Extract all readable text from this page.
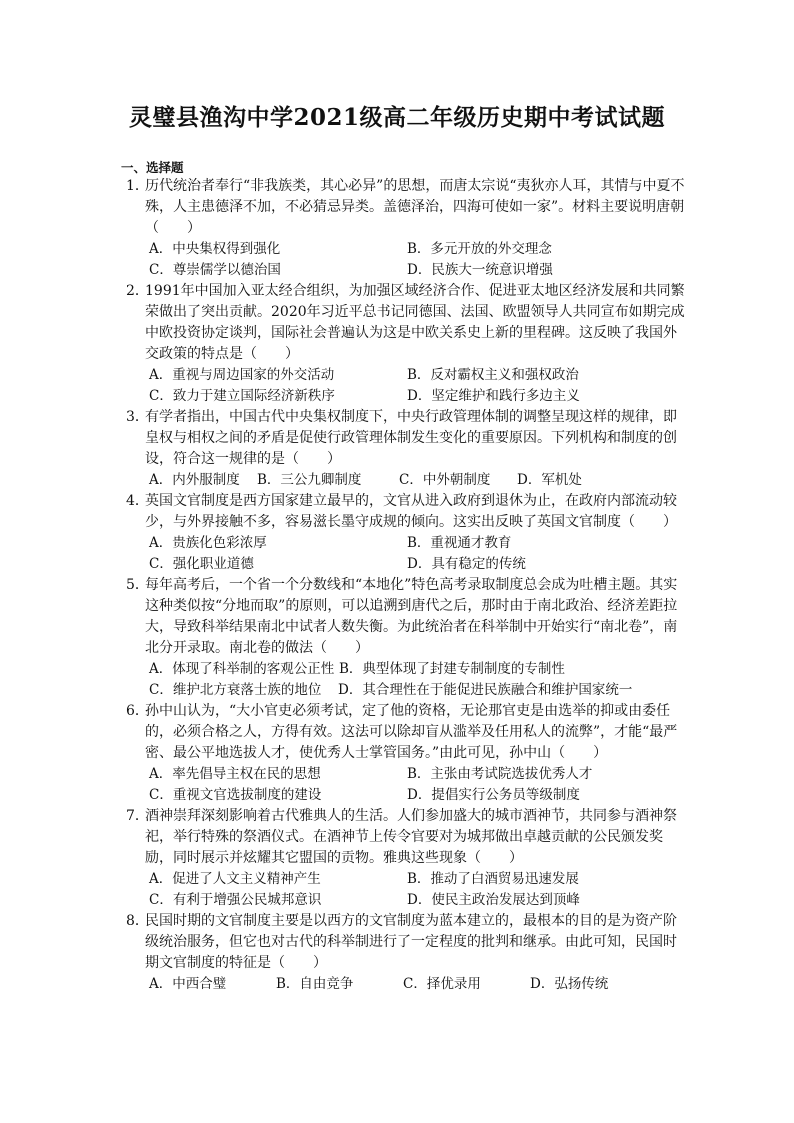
灵璧县渔沟中学2021级高二年级历史期中考试试题
一、选择题
1．
历代统治者奉行“非我族类，其心必异”的思想，而唐太宗说“夷狄亦人耳，其情与中夏不殊，人主患德泽不加，不必猜忌异类。盖德泽治，四海可使如一家”。材料主要说明唐朝（　　）
A．中央集权得到强化	B．多元开放的外交理念
C．尊崇儒学以德治国	D．民族大一统意识增强
2．
1991年中国加入亚太经合组织，为加强区域经济合作、促进亚太地区经济发展和共同繁荣做出了突出贡献。2020年习近平总书记同德国、法国、欧盟领导人共同宣布如期完成中欧投资协定谈判，国际社会普遍认为这是中欧关系史上新的里程碑。这反映了我国外交政策的特点是（　　）
A．重视与周边国家的外交活动	B．反对霸权主义和强权政治
C．致力于建立国际经济新秩序	D．坚定维护和践行多边主义
3．
有学者指出，中国古代中央集权制度下，中央行政管理体制的调整呈现这样的规律，即皇权与相权之间的矛盾是促使行政管理体制发生变化的重要原因。下列机构和制度的创设，符合这一规律的是（　　）
A．内外服制度	B．三公九卿制度	C．中外朝制度	D．军机处
4．
英国文官制度是西方国家建立最早的，文官从进入政府到退休为止，在政府内部流动较少，与外界接触不多，容易滋长墨守成规的倾向。这实出反映了英国文官制度（　　）
A．贵族化色彩浓厚	B．重视通才教育
C．强化职业道德	D．具有稳定的传统
5．
每年高考后，一个省一个分数线和“本地化”特色高考录取制度总会成为吐槽主题。其实这种类似按“分地而取”的原则，可以追溯到唐代之后，那时由于南北政治、经济差距拉大，导致科举结果南北中试者人数失衡。为此统治者在科举制中开始实行“南北卷”，南北分开录取。南北卷的做法（　　）
A．体现了科举制的客观公正性 B．典型体现了封建专制制度的专制性
C．维护北方衰落士族的地位	D．其合理性在于能促进民族融合和维护国家统一
6．
孙中山认为，“大小官吏必须考试，定了他的资格，无论那官吏是由选举的抑或由委任的，必须合格之人，方得有效。这法可以除却盲从滥举及任用私人的流弊”，才能“最严密、最公平地选拔人才，使优秀人士掌管国务。”由此可见，孙中山（　　）
A．率先倡导主权在民的思想	B．主张由考试院选拔优秀人才
C．重视文官选拔制度的建设	D．提倡实行公务员等级制度
7．
酒神崇拜深刻影响着古代雅典人的生活。人们参加盛大的城市酒神节，共同参与酒神祭祀，举行特殊的祭酒仪式。在酒神节上传令官要对为城邦做出卓越贡献的公民颁发奖励，同时展示并炫耀其它盟国的贡物。雅典这些现象（　　）
A．促进了人文主义精神产生	B．推动了白酒贸易迅速发展
C．有利于增强公民城邦意识	D．使民主政治发展达到顶峰
8．
民国时期的文官制度主要是以西方的文官制度为蓝本建立的，最根本的目的是为资产阶级统治服务，但它也对古代的科举制进行了一定程度的批判和继承。由此可知，民国时期文官制度的特征是（　　）
A．中西合璧	B．自由竞争	C．择优录用	D．弘扬传统
